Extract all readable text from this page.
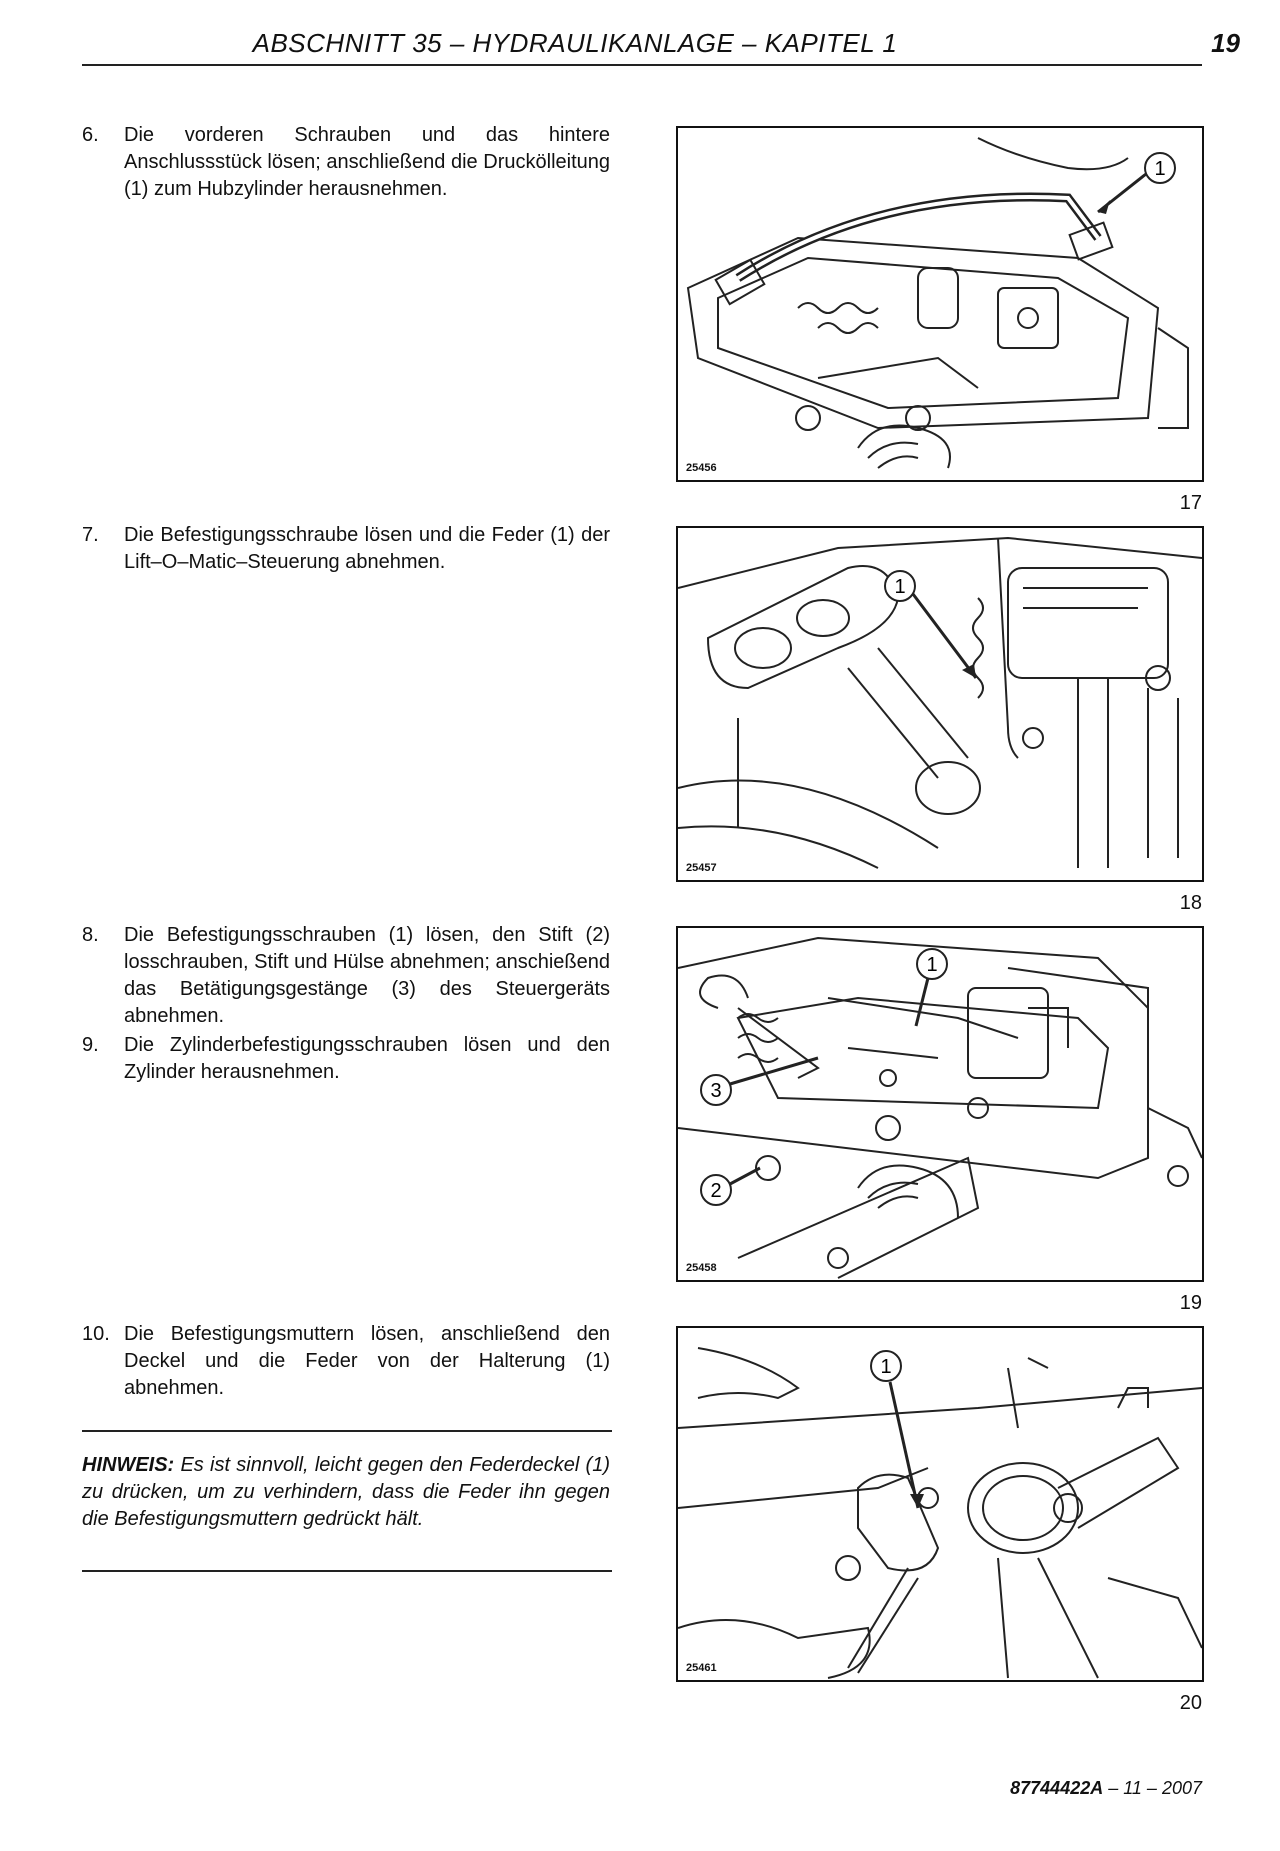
ABSCHNITT 35 – HYDRAULIKANLAGE – KAPITEL 1	19
6. Die vorderen Schrauben und das hintere Anschlussstück lösen; anschließend die Druckölleitung (1) zum Hubzylinder herausnehmen.
7. Die Befestigungsschraube lösen und die Feder (1) der Lift–O–Matic–Steuerung abnehmen.
8. Die Befestigungsschrauben (1) lösen, den Stift (2) losschrauben, Stift und Hülse abnehmen; anschießend das Betätigungsgestänge (3) des Steuergeräts abnehmen.
9. Die Zylinderbefestigungsschrauben lösen und den Zylinder herausnehmen.
10. Die Befestigungsmuttern lösen, anschließend den Deckel und die Feder von der Halterung (1) abnehmen.
HINWEIS: Es ist sinnvoll, leicht gegen den Federdeckel (1) zu drücken, um zu verhindern, dass die Feder ihn gegen die Befestigungsmuttern gedrückt hält.
1
25456
17
1
25457
18
1
3
2
25458
19
1
25461
20
87744422A – 11 – 2007
